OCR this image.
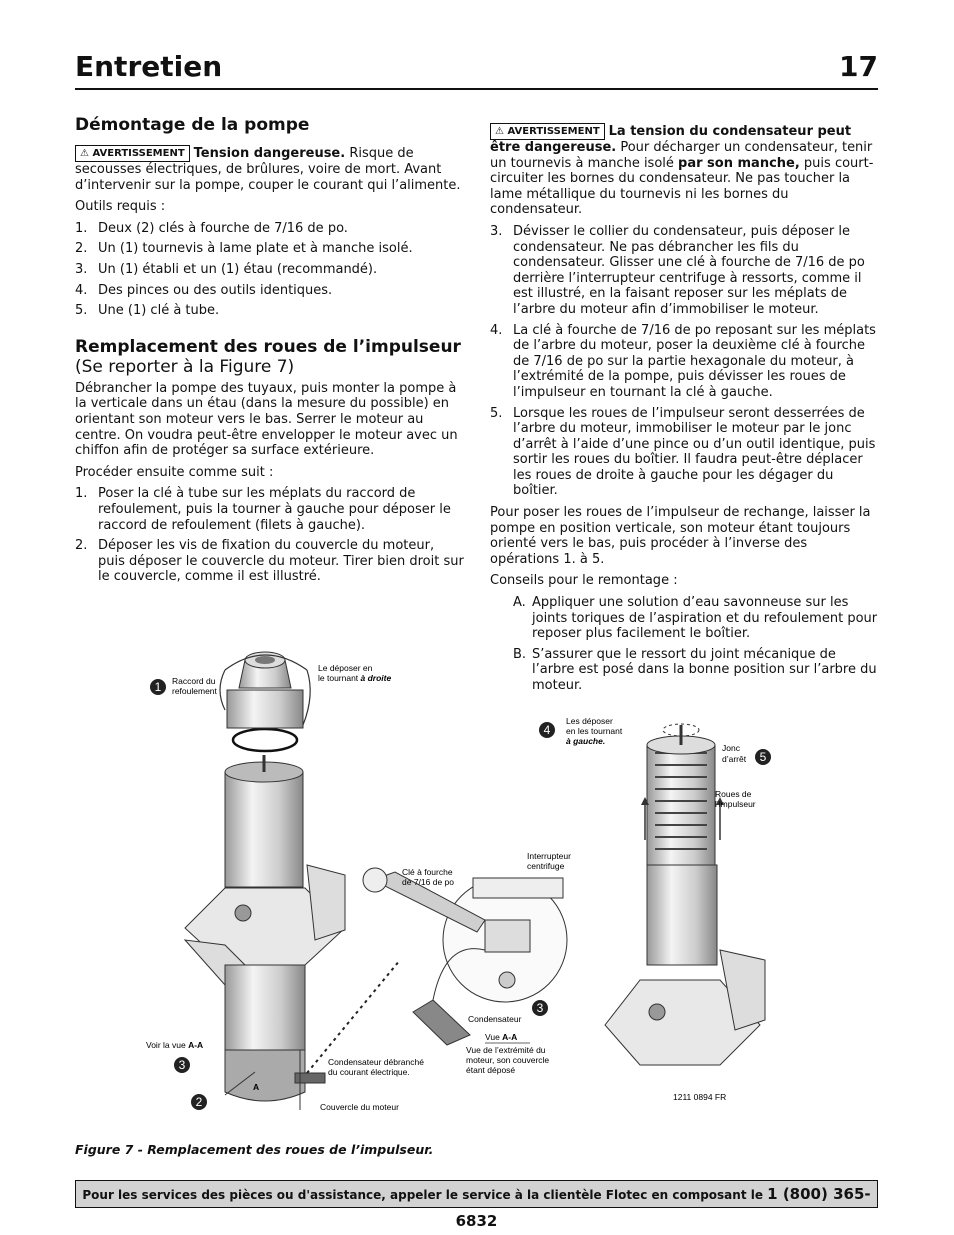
Entretien	17
Démontage de la pompe

⚠ AVERTISSEMENT Tension dangereuse. Risque de secousses électriques, de brûlures, voire de mort. Avant d’intervenir sur la pompe, couper le courant qui l’alimente.

Outils requis :

1. Deux (2) clés à fourche de 7/16 de po.
2. Un (1) tournevis à lame plate et à manche isolé.
3. Un (1) établi et un (1) étau (recommandé).
4. Des pinces ou des outils identiques.
5. Une (1) clé à tube.
Remplacement des roues de l’impulseur (Se reporter à la Figure 7)

Débrancher la pompe des tuyaux, puis monter la pompe à la verticale dans un étau (dans la mesure du possible) en orientant son moteur vers le bas. Serrer le moteur au centre. On voudra peut-être envelopper le moteur avec un chiffon afin de protéger sa surface extérieure.

Procéder ensuite comme suit :

1. Poser la clé à tube sur les méplats du raccord de refoulement, puis la tourner à gauche pour déposer le raccord de refoulement (filets à gauche).
2. Déposer les vis de fixation du couvercle du moteur, puis déposer le couvercle du moteur. Tirer bien droit sur le couvercle, comme il est illustré.

⚠ AVERTISSEMENT La tension du condensateur peut être dangereuse. Pour décharger un condensateur, tenir un tournevis à manche isolé par son manche, puis court-circuiter les bornes du condensateur. Ne pas toucher la lame métallique du tournevis ni les bornes du condensateur.

3. Dévisser le collier du condensateur, puis déposer le condensateur. Ne pas débrancher les fils du condensateur. Glisser une clé à fourche de 7/16 de po derrière l’interrupteur centrifuge à ressorts, comme il est illustré, en la faisant reposer sur les méplats de l’arbre du moteur afin d’immobiliser le moteur.
4. La clé à fourche de 7/16 de po reposant sur les méplats de l’arbre du moteur, poser la deuxième clé à fourche de 7/16 de po sur la partie hexagonale du moteur, à l’extrémité de la pompe, puis dévisser les roues de l’impulseur en tournant la clé à gauche.
5. Lorsque les roues de l’impulseur seront desserrées de l’arbre du moteur, immobiliser le moteur par le jonc d’arrêt à l’aide d’une pince ou d’un outil identique, puis sortir les roues du boîtier. Il faudra peut-être déplacer les roues de droite à gauche pour les dégager du boîtier.

Pour poser les roues de l’impulseur de rechange, laisser la pompe en position verticale, son moteur étant toujours orienté vers le bas, puis procéder à l’inverse des opérations 1. à 5.

Conseils pour le remontage :

A. Appliquer une solution d’eau savonneuse sur les joints toriques de l’aspiration et du refoulement pour reposer plus facilement le boîtier.
B. S’assurer que le ressort du joint mécanique de l’arbre est posé dans la bonne position sur l’arbre du moteur.
1
2
3
3
4
5
Raccord du
refoulement
Le déposer en
le tournant à droite
Les déposer
en les tournant
à gauche.
Jonc
d’arrêt
Roues de
l’impulseur
Interrupteur
centrifuge
Clé à fourche
de 7/16 de po
Condensateur
Vue A-A
Vue de l’extrémité du
moteur, son couvercle
étant déposé
Voir la vue A-A
Condensateur débranché
du courant électrique.
Couvercle du moteur
A
1211 0894 FR
Figure 7 - Remplacement des roues de l’impulseur.
Pour les services des pièces ou d'assistance, appeler le service à la clientèle Flotec en composant le 1 (800) 365-6832
